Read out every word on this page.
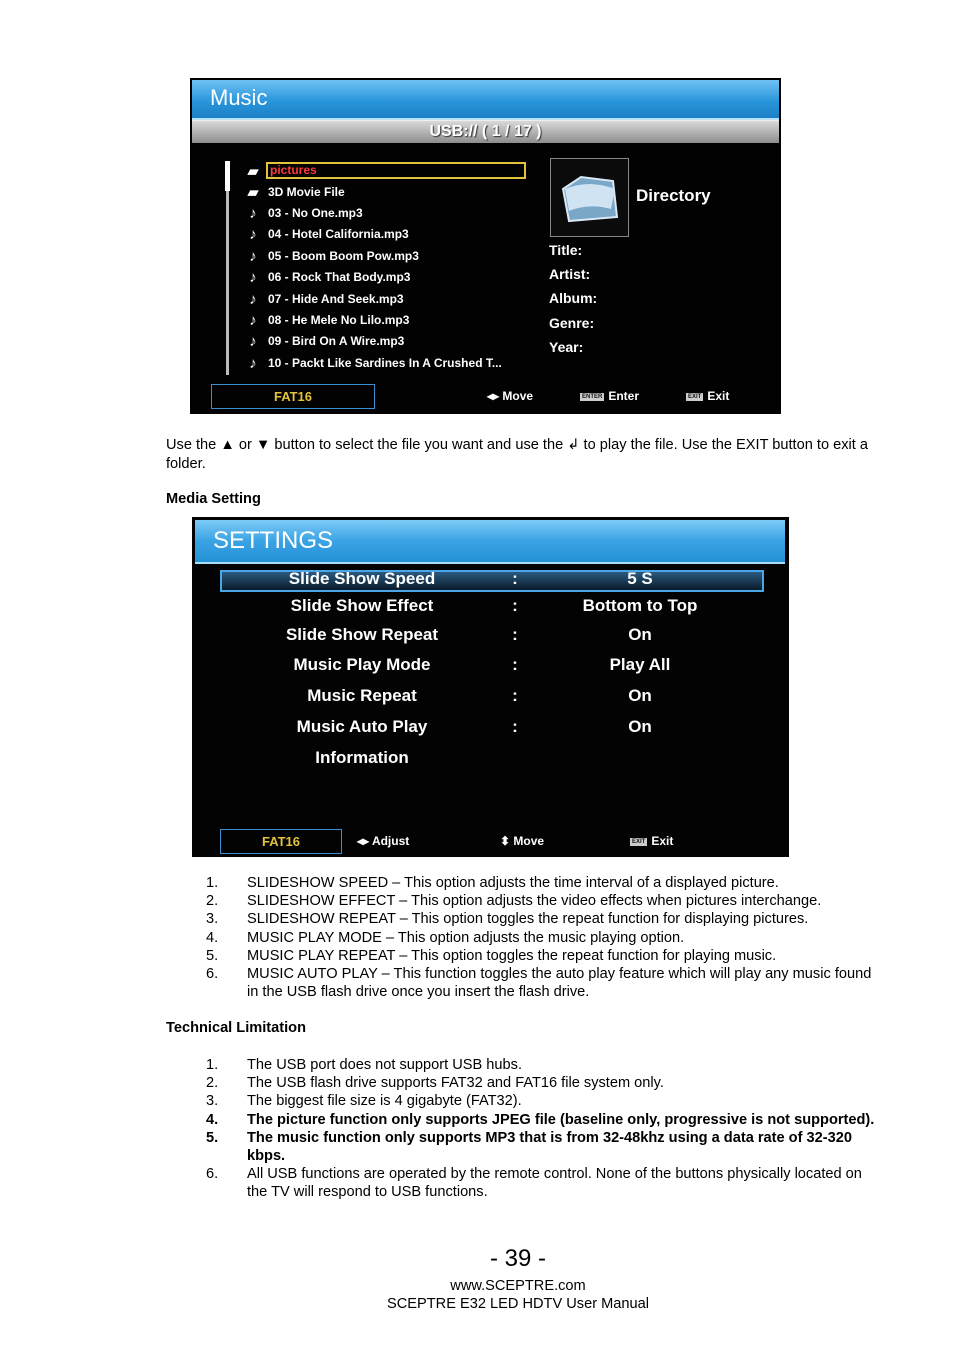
Music
USB:// ( 1 / 17 )
▰ pictures
▰ 3D Movie File
♪ 03 - No One.mp3
♪ 04 - Hotel California.mp3
♪ 05 - Boom Boom Pow.mp3
♪ 06 - Rock That Body.mp3
♪ 07 - Hide And Seek.mp3
♪ 08 - He Mele No Lilo.mp3
♪ 09 - Bird On A Wire.mp3
♪ 10 - Packt Like Sardines In A Crushed T...
Directory
Title:
Artist:
Album:
Genre:
Year:
FAT16	◂▸ Move	ENTER Enter	EXIT Exit
Use the ▲ or ▼ button to select the file you want and use the ↲ to play the file. Use the EXIT button to exit a folder.
Media Setting
SETTINGS
Slide Show Speed	:	5 S
Slide Show Effect	:	Bottom to Top
Slide Show Repeat	:	On
Music Play Mode	:	Play All
Music Repeat	:	On
Music Auto Play	:	On
Information
FAT16	◂▸ Adjust	⬍ Move	EXIT Exit
1. SLIDESHOW SPEED – This option adjusts the time interval of a displayed picture.
2. SLIDESHOW EFFECT – This option adjusts the video effects when pictures interchange.
3. SLIDESHOW REPEAT – This option toggles the repeat function for displaying pictures.
4. MUSIC PLAY MODE – This option adjusts the music playing option.
5. MUSIC PLAY REPEAT – This option toggles the repeat function for playing music.
6. MUSIC AUTO PLAY – This function toggles the auto play feature which will play any music found in the USB flash drive once you insert the flash drive.
Technical Limitation
1. The USB port does not support USB hubs.
2. The USB flash drive supports FAT32 and FAT16 file system only.
3. The biggest file size is 4 gigabyte (FAT32).
4. The picture function only supports JPEG file (baseline only, progressive is not supported).
5. The music function only supports MP3 that is from 32-48khz using a data rate of 32-320 kbps.
6. All USB functions are operated by the remote control. None of the buttons physically located on the TV will respond to USB functions.
- 39 -
www.SCEPTRE.com
SCEPTRE E32 LED HDTV User Manual
